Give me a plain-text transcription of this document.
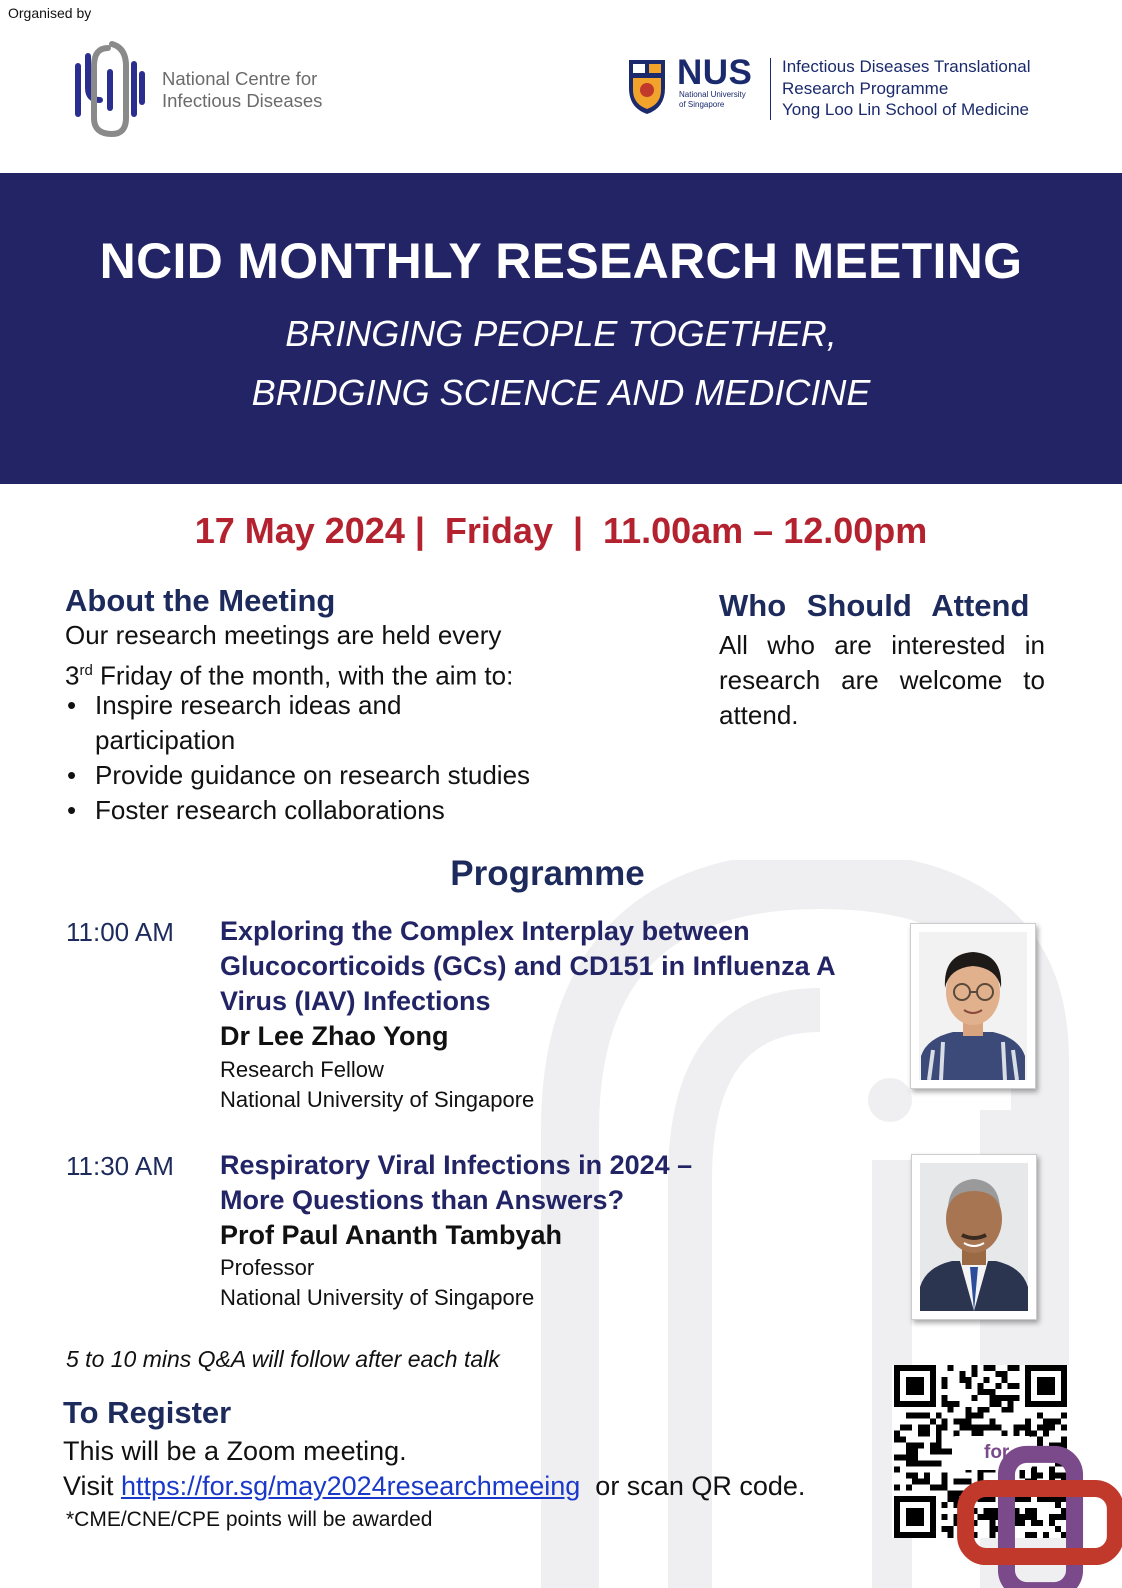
Organised by
National Centre for
Infectious Diseases
NUS
National University
of Singapore
Infectious Diseases Translational
Research Programme
Yong Loo Lin School of Medicine
NCID MONTHLY RESEARCH MEETING
BRINGING PEOPLE TOGETHER,
BRIDGING SCIENCE AND MEDICINE
17 May 2024 |  Friday  |  11.00am – 12.00pm
About the Meeting
Our research meetings are held every
3rd Friday of the month, with the aim to:
• Inspire research ideas and participation
• Provide guidance on research studies
• Foster research collaborations
Who Should Attend
All who are interested in research are welcome to attend.
Programme
11:00 AM Exploring the Complex Interplay between Glucocorticoids (GCs) and CD151 in Influenza A Virus (IAV) Infections
Dr Lee Zhao Yong
Research Fellow
National University of Singapore
11:30 AM Respiratory Viral Infections in 2024 – More Questions than Answers?
Prof Paul Ananth Tambyah
Professor
National University of Singapore
5 to 10 mins Q&A will follow after each talk
To Register
This will be a Zoom meeting.
Visit https://for.sg/may2024researchmeeing  or scan QR code.
*CME/CNE/CPE points will be awarded
for.sg
